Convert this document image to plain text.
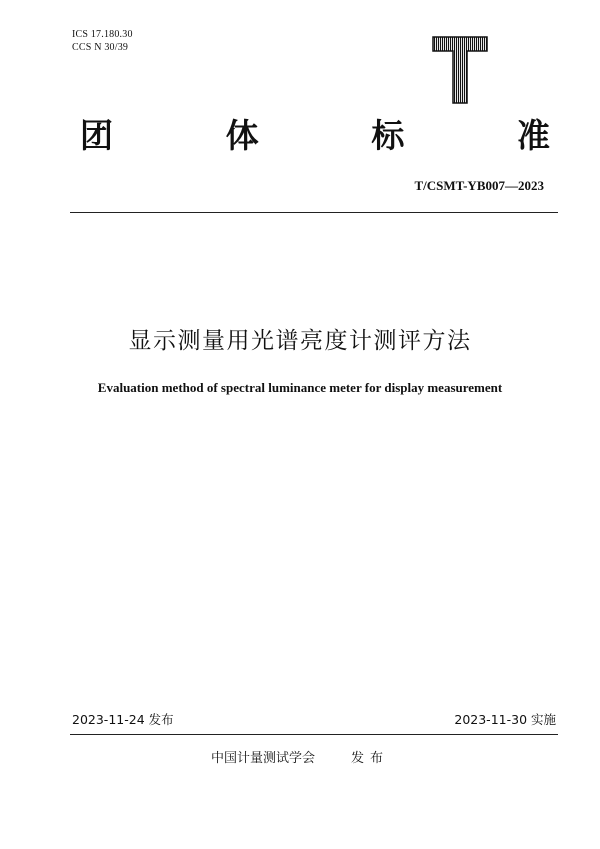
ICS 17.180.30
CCS N 30/39
团	体	标	准
T/CSMT-YB007—2023
显示测量用光谱亮度计测评方法
Evaluation method of spectral luminance meter for display measurement
2023-11-24 发布	2023-11-30 实施
中国计量测试学会	发布
